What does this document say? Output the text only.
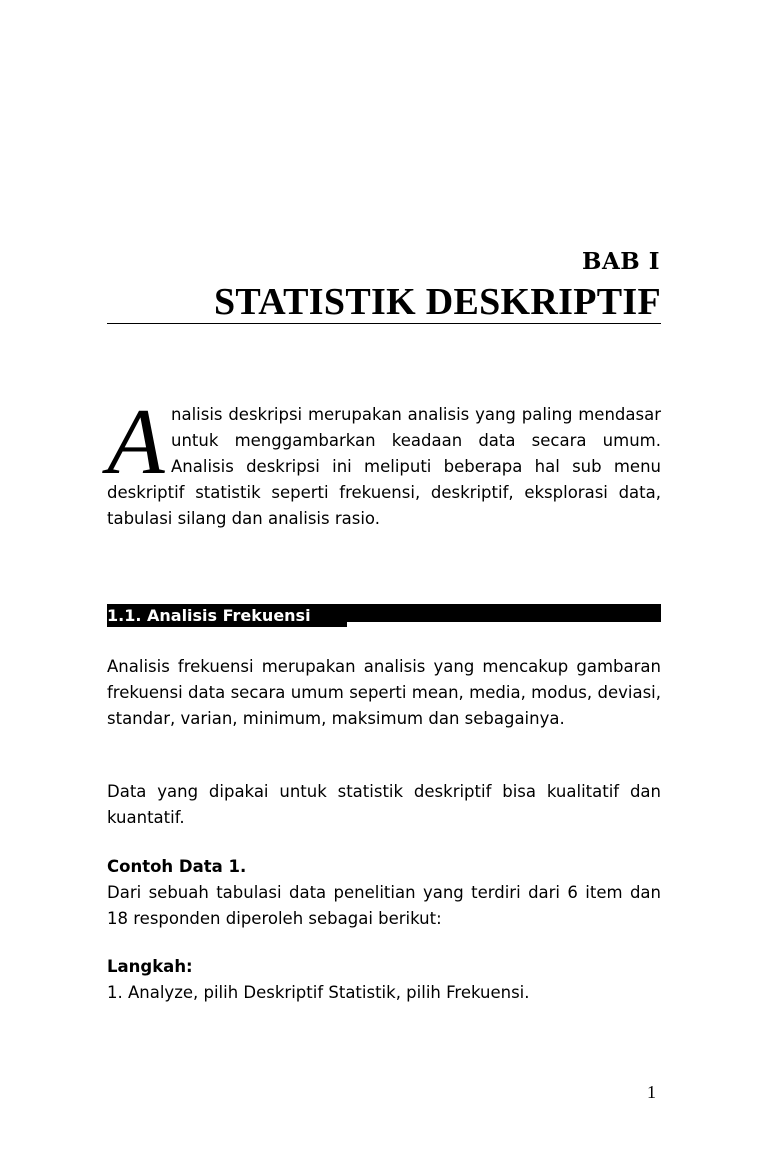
BAB I
STATISTIK DESKRIPTIF
A nalisis deskripsi merupakan analisis yang paling mendasar untuk menggambarkan keadaan data secara umum. Analisis deskripsi ini meliputi beberapa hal sub menu deskriptif statistik seperti frekuensi, deskriptif, eksplorasi data, tabulasi silang dan analisis rasio.

1.1. Analisis Frekuensi

Analisis frekuensi merupakan analisis yang mencakup gambaran frekuensi data secara umum seperti mean, media, modus, deviasi, standar, varian, minimum, maksimum dan sebagainya.

Data yang dipakai untuk statistik deskriptif bisa kualitatif dan kuantatif.

Contoh Data 1.

Dari sebuah tabulasi data penelitian yang terdiri dari 6 item dan 18 responden diperoleh sebagai berikut:

Langkah:

1. Analyze, pilih Deskriptif Statistik, pilih Frekuensi.

1
